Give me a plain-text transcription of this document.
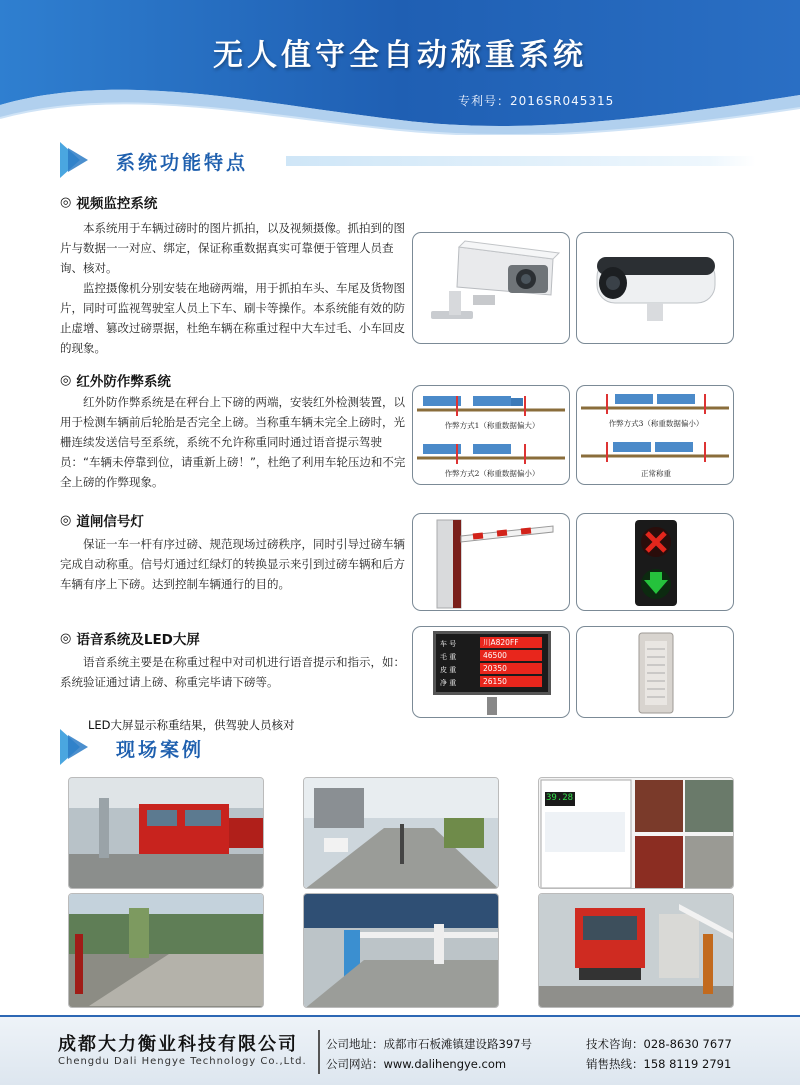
无人值守全自动称重系统
专利号：2016SR045315
系统功能特点
◎ 视频监控系统
本系统用于车辆过磅时的图片抓拍，以及视频摄像。抓拍到的图片与数据一一对应、绑定，保证称重数据真实可靠便于管理人员查询、核对。
监控摄像机分别安装在地磅两端，用于抓拍车头、车尾及货物图片，同时可监视驾驶室人员上下车、刷卡等操作。本系统能有效的防止虚增、篡改过磅票据，杜绝车辆在称重过程中大车过毛、小车回皮的现象。
◎ 红外防作弊系统
红外防作弊系统是在秤台上下磅的两端，安装红外检测装置，以用于检测车辆前后轮胎是否完全上磅。当称重车辆未完全上磅时，光栅连续发送信号至系统，系统不允许称重同时通过语音提示驾驶员：“车辆未停靠到位，请重新上磅！”，杜绝了利用车轮压边和不完全上磅的作弊现象。
作弊方式1（称重数据偏大）
作弊方式2（称重数据偏小）
作弊方式3（称重数据偏小）
正常称重
◎ 道闸信号灯
保证一车一杆有序过磅、规范现场过磅秩序，同时引导过磅车辆完成自动称重。信号灯通过红绿灯的转换显示来引到过磅车辆和后方车辆有序上下磅。达到控制车辆通行的目的。
◎ 语音系统及LED大屏
语音系统主要是在称重过程中对司机进行语音提示和指示，如：系统验证通过请上磅、称重完毕请下磅等。
车 号
毛 重
皮 重
净 重
川A820FF
46500
20350
26150
LED大屏显示称重结果，供驾驶人员核对
现场案例
39.28
成都大力衡业科技有限公司
Chengdu Dali Hengye Technology Co.,Ltd.
公司地址：成都市石板滩镇建设路397号
公司网站：www.dalihengye.com
技术咨询：028-8630 7677
销售热线：158 8119 2791
